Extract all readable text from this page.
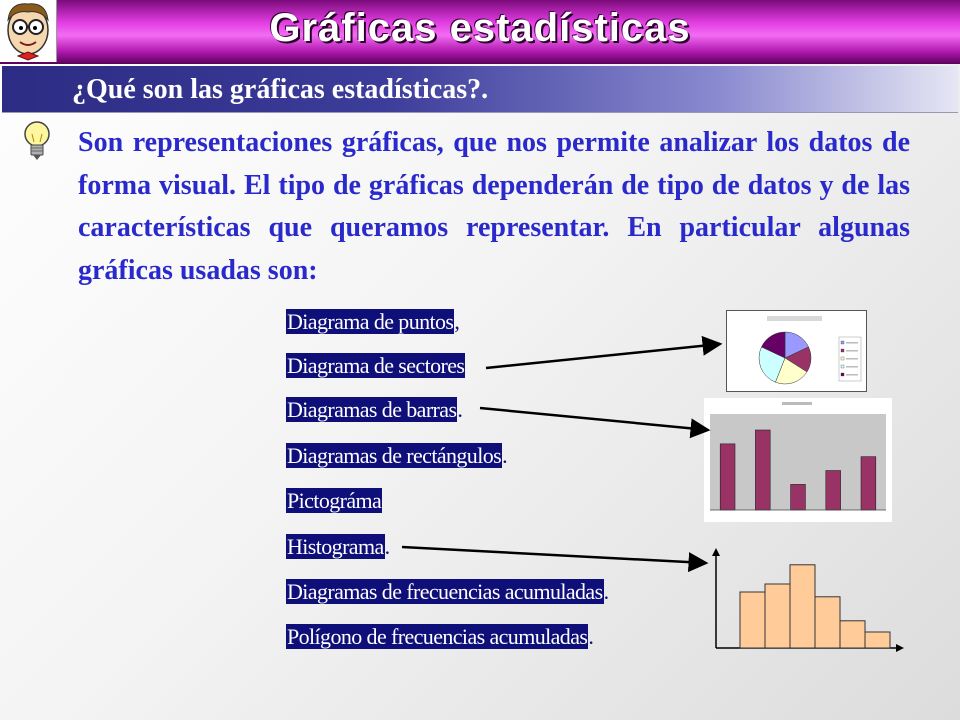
Gráficas estadísticas
¿Qué son las gráficas estadísticas?.

Son representaciones gráficas, que nos permite analizar los datos de forma visual. El tipo de gráficas dependerán de tipo de datos y de las características que queramos representar. En particular algunas gráficas usadas son:

Diagrama de puntos,
Diagrama de sectores
Diagramas de barras.
Diagramas de rectángulos.
Pictográma
Histograma.
Diagramas de frecuencias acumuladas.
Polígono de frecuencias acumuladas.
